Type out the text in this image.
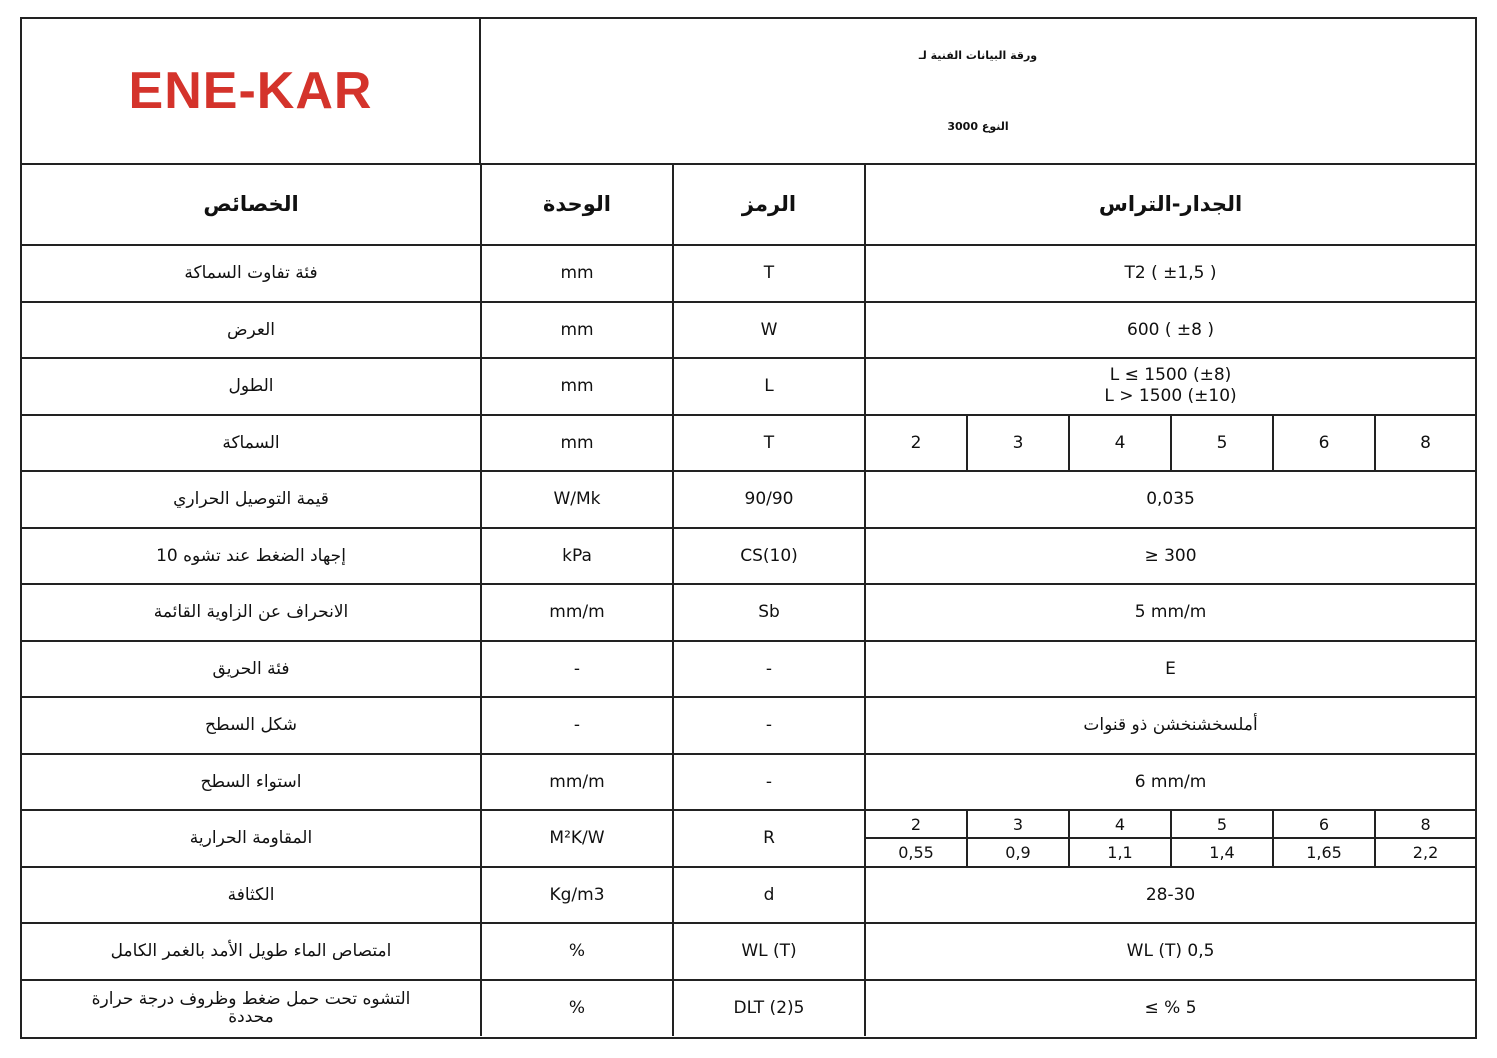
ENE-KAR
ورقة البيانات الفنية لـ
النوع 3000
الخصائص	الوحدة	الرمز	الجدار-التراس					
فئة تفاوت السماكة	mm	T	T2 ( ±1,5 )					
العرض	mm	W	600 ( ±8 )					
الطول	mm	L	L ≤ 1500 (±8)
L > 1500 (±10)					

السماكة	mm	T	2	3	4	5	6	8
قيمة التوصيل الحراري	W/Mk	90/90	0,035					
إجهاد الضغط عند تشوه 10	kPa	CS(10)	≥ 300					
الانحراف عن الزاوية القائمة	mm/m	Sb	5 mm/m					
فئة الحريق	-	-	E					
شكل السطح	-	-	أملسخشنخشن ذو قنوات					
استواء السطح	mm/m	-	6 mm/m					
المقاومة الحرارية	M²K/W	R	2	3	4	5	6	8
			0,55	0,9	1,1	1,4	1,65	2,2
الكثافة	Kg/m3	d	28-30					
امتصاص الماء طويل الأمد بالغمر الكامل	%	WL (T)	WL (T) 0,5					

التشوه تحت حمل ضغط وظروف درجة حرارة
محددة	%	DLT (2)5	≤ % 5					
